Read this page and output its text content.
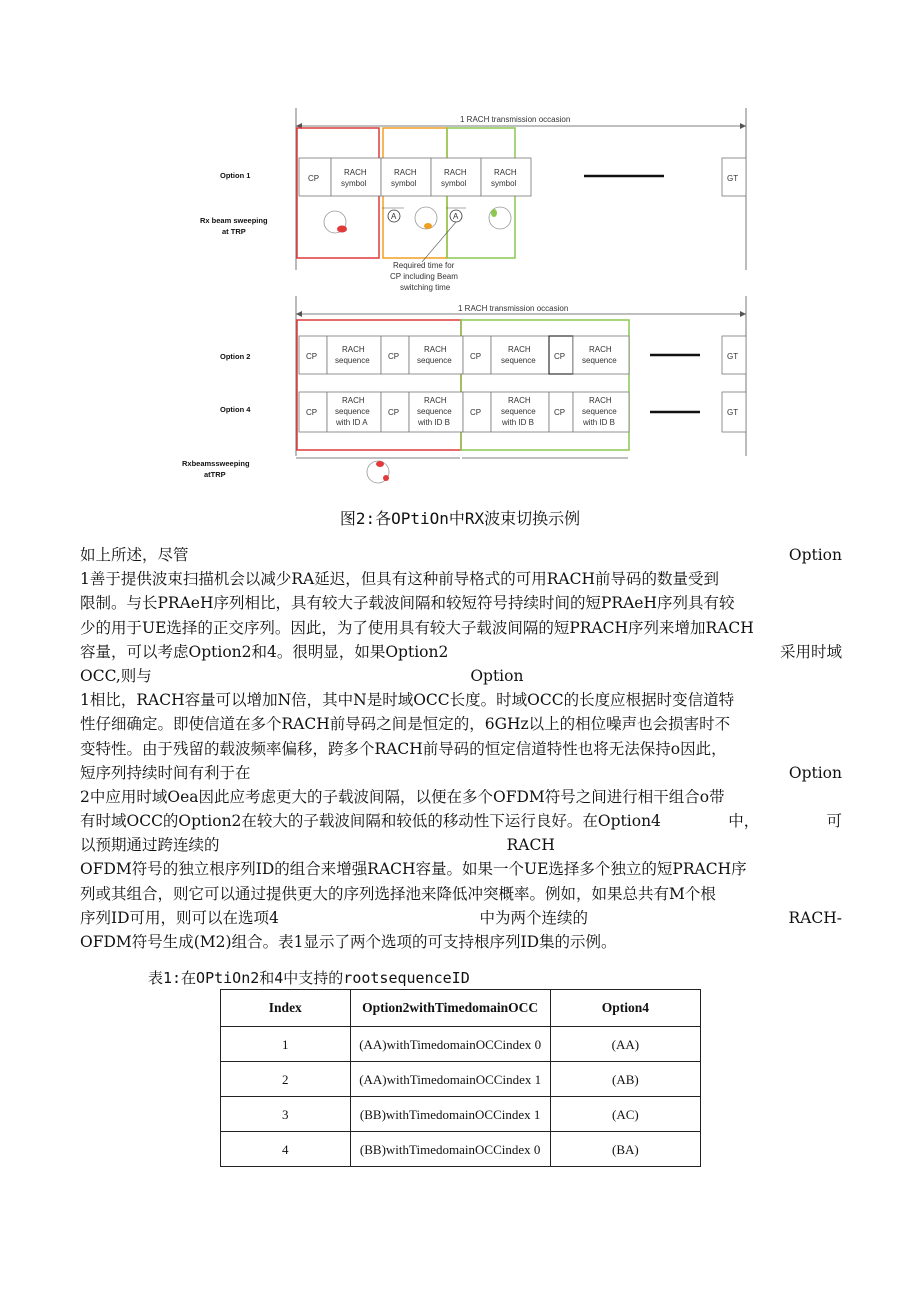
1 RACH transmission occasion
Option 1
Rx beam sweeping
at TRP
CP
RACH
symbol
RACH
symbol
RACH
symbol
RACH
symbol
GT
A	A
Required time for
CP including Beam
switching time
1 RACH transmission occasion
Option 2
Option 4
Rxbeamssweeping
atTRP
CP
RACH
sequence CP
RACH
sequence CP
RACH
sequence CP
RACH
sequence	GT
CP
RACH
sequence
with ID A
CP
RACH
sequence
with ID B
CP
RACH
sequence
with ID B
CP
RACH
sequence
with ID B
GT
图2:各OPtiOn中RX波束切换示例
如上所述，尽管	Option
1善于提供波束扫描机会以减少RA延迟，但具有这种前导格式的可用RACH前导码的数量受到
限制。与长PRAeH序列相比，具有较大子载波间隔和较短符号持续时间的短PRAeH序列具有较
少的用于UE选择的正交序列。因此，为了使用具有较大子载波间隔的短PRACH序列来增加RACH
容量，可以考虑Option2和4。很明显，如果Option2	采用时域
OCC,则与	Option
1相比，RACH容量可以增加N倍，其中N是时域OCC长度。时域OCC的长度应根据时变信道特
性仔细确定。即使信道在多个RACH前导码之间是恒定的，6GHz以上的相位噪声也会损害时不
变特性。由于残留的载波频率偏移，跨多个RACH前导码的恒定信道特性也将无法保持o因此，
短序列持续时间有利于在	Option
2中应用时域Oea因此应考虑更大的子载波间隔，以便在多个OFDM符号之间进行相干组合o带
有时域OCC的Option2在较大的子载波间隔和较低的移动性下运行良好。在Option4	中，	可
以预期通过跨连续的	RACH
OFDM符号的独立根序列ID的组合来增强RACH容量。如果一个UE选择多个独立的短PRACH序
列或其组合，则它可以通过提供更大的序列选择池来降低冲突概率。例如，如果总共有M个根
序列ID可用，则可以在选项4	中为两个连续的	RACH-
OFDM符号生成(M2)组合。表1显示了两个选项的可支持根序列ID集的示例。
表1:在OPtiOn2和4中支持的rootsequenceID
Index	Option2withTimedomainOCC	Option4
1	(AA)withTimedomainOCCindex 0	(AA)
2	(AA)withTimedomainOCCindex 1	(AB)
3	(BB)withTimedomainOCCindex 1	(AC)
4	(BB)withTimedomainOCCindex 0	(BA)
